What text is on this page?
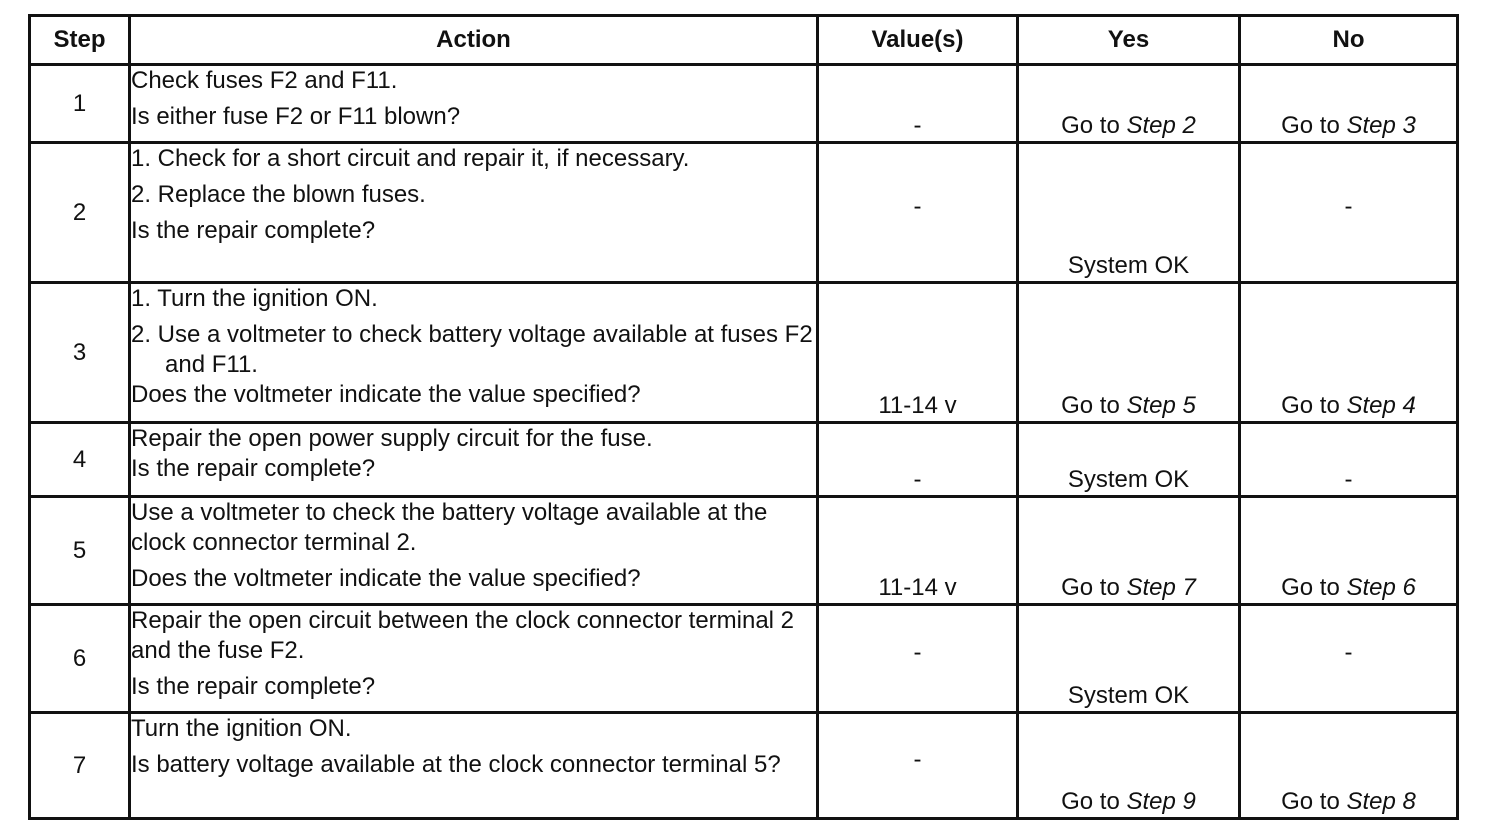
Step	Action	Value(s)	Yes	No
1	Check fuses F2 and F11.

Is either fuse F2 or F11 blown?	-	Go to Step 2	Go to Step 3
2	1. Check for a short circuit and repair it, if necessary.
2. Replace the blown fuses.

Is the repair complete?	-	System OK	-

3	1. Turn the ignition ON.
2. Use a voltmeter to check battery voltage available at fuses F2 and F11.

Does the voltmeter indicate the value specified?	11-14 v	Go to Step 5	Go to Step 4
4	Repair the open power supply circuit for the fuse.

Is the repair complete?	-	System OK	-
5	Use a voltmeter to check the battery voltage available at the clock connector terminal 2.

Does the voltmeter indicate the value specified?	11-14 v	Go to Step 7	Go to Step 6
6	Repair the open circuit between the clock connector terminal 2 and the fuse F2.

Is the repair complete?	-	System OK	-

7	Turn the ignition ON.

Is battery voltage available at the clock connector terminal 5?	-	Go to Step 9	Go to Step 8
